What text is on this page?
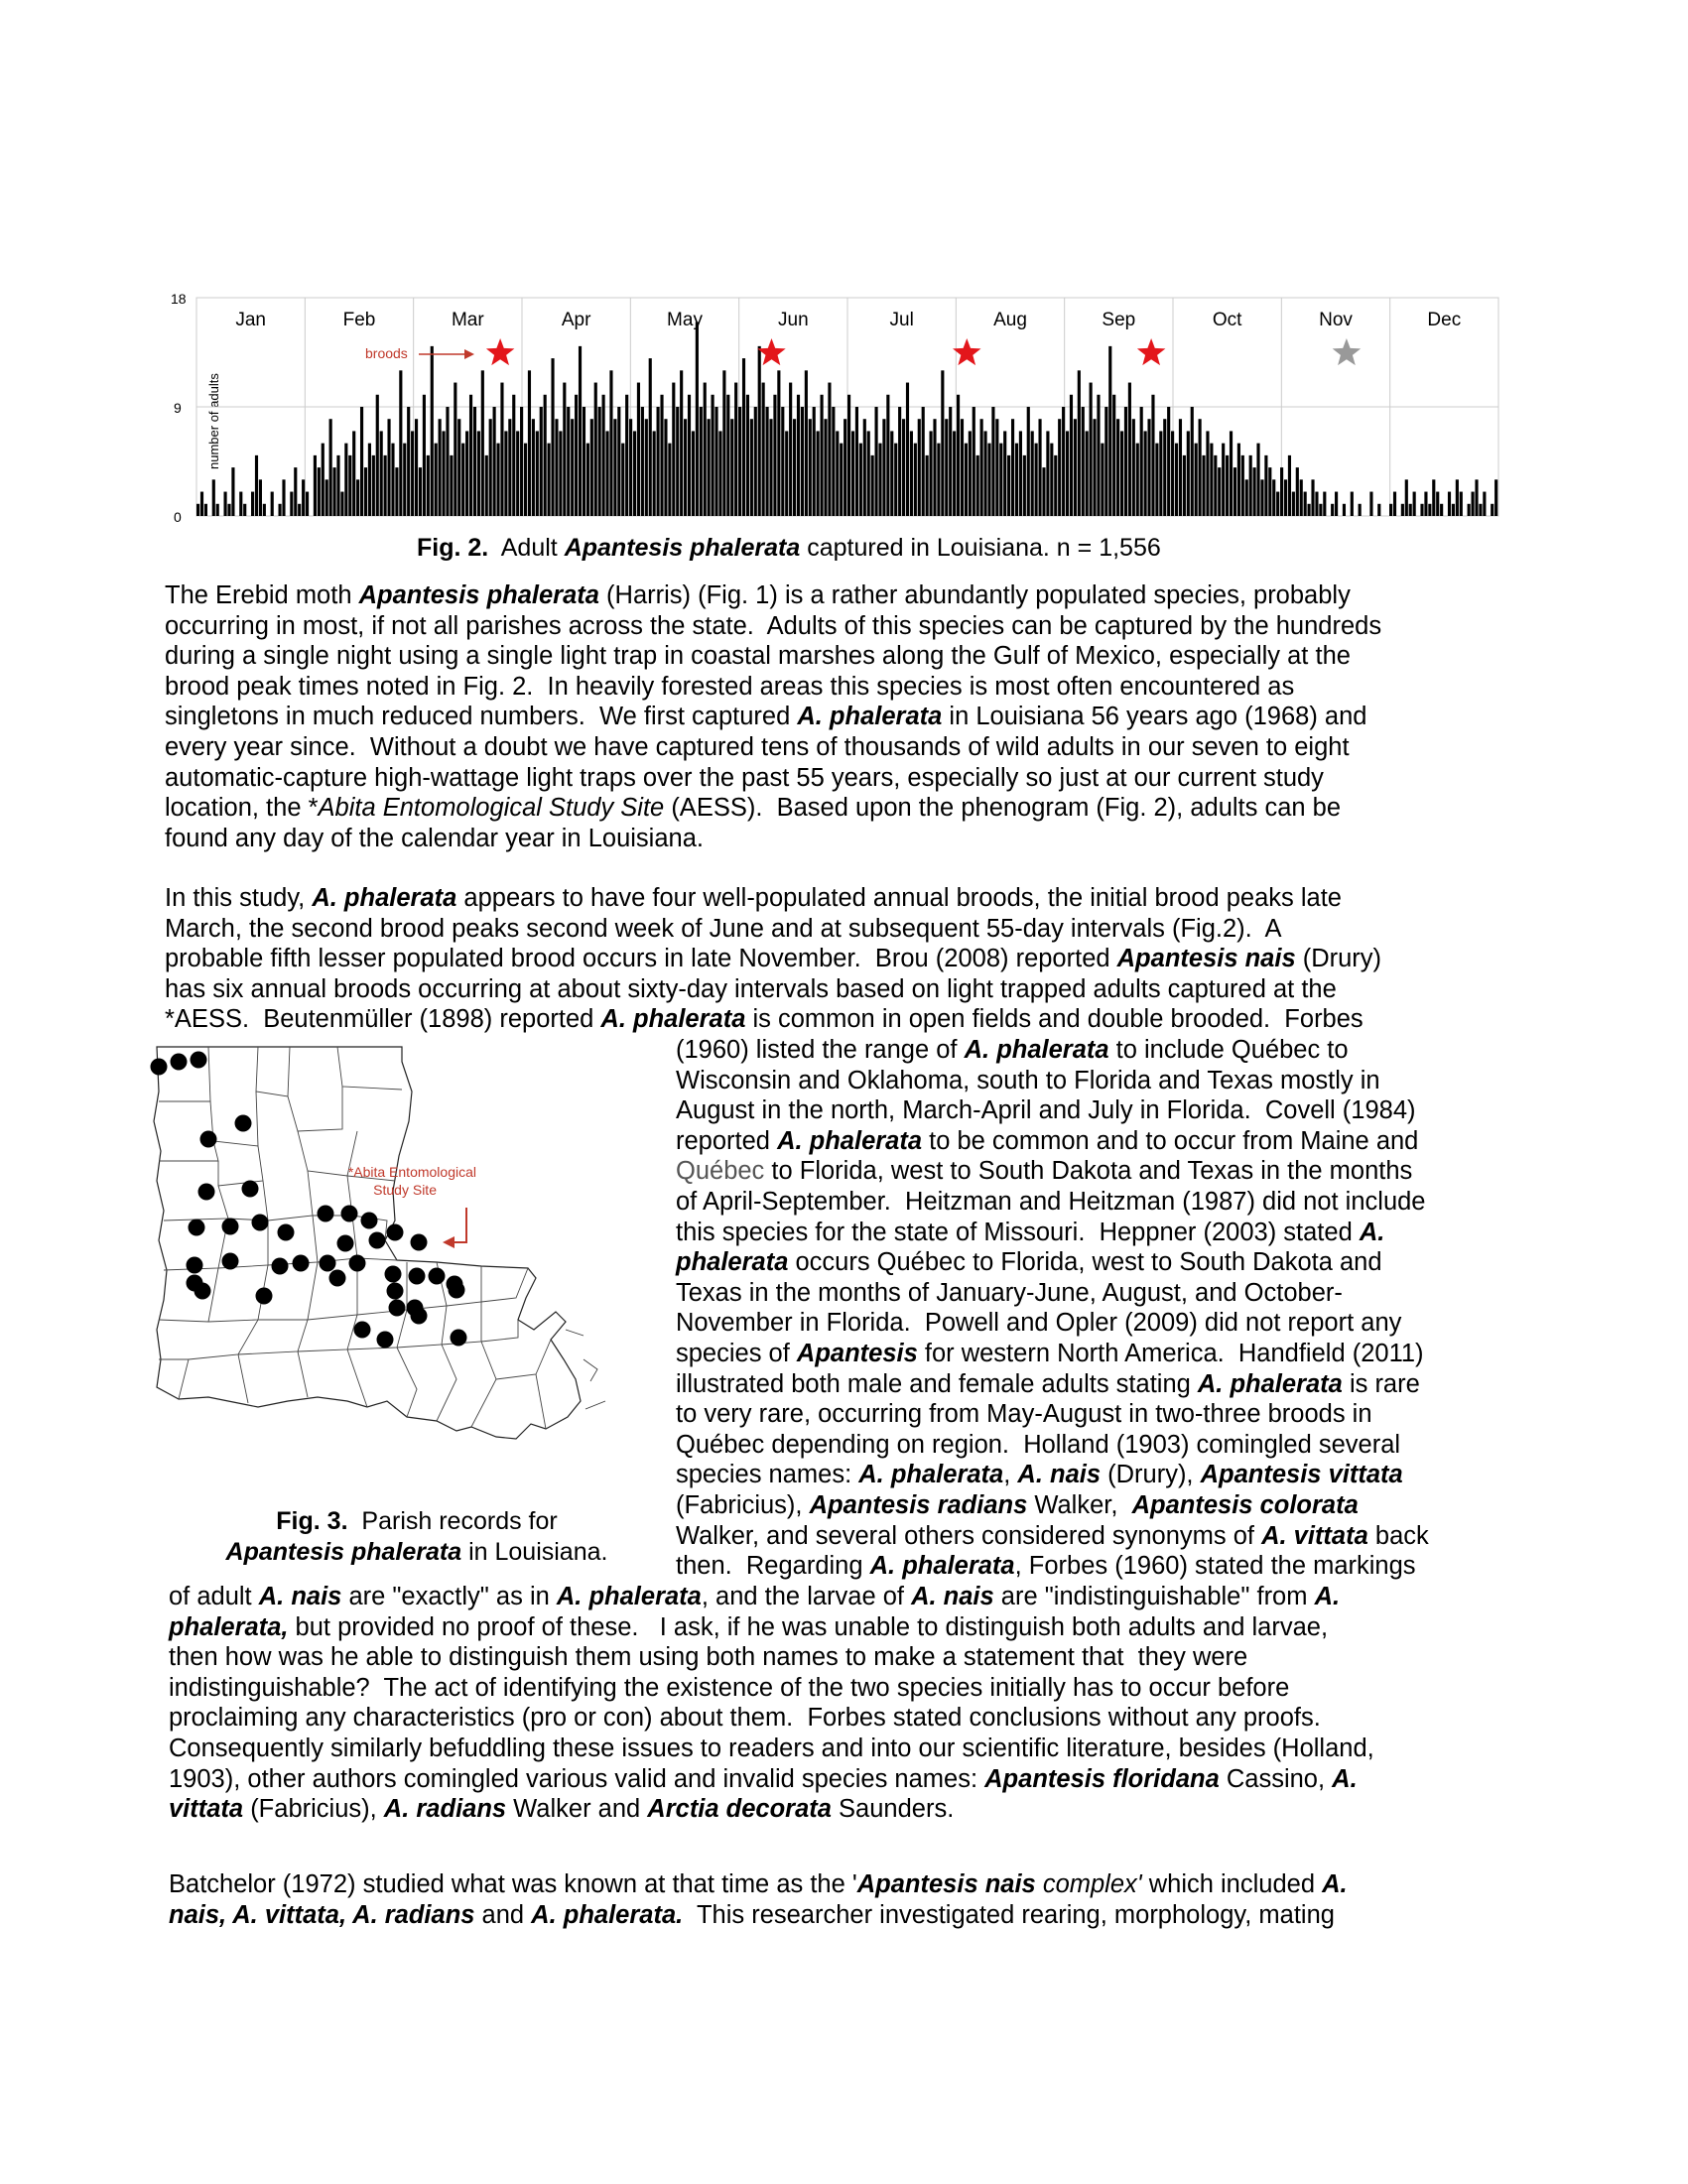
18
9
0
number of adults
Jan	Feb	Mar	Apr	May	Jun	Jul	Aug	Sep	Oct	Nov	Dec
broods
Fig. 2. Adult Apantesis phalerata captured in Louisiana. n = 1,556

The Erebid moth Apantesis phalerata (Harris) (Fig. 1) is a rather abundantly populated species, probably
occurring in most, if not all parishes across the state.  Adults of this species can be captured by the hundreds
during a single night using a single light trap in coastal marshes along the Gulf of Mexico, especially at the
brood peak times noted in Fig. 2.  In heavily forested areas this species is most often encountered as
singletons in much reduced numbers.  We first captured A. phalerata in Louisiana 56 years ago (1968) and
every year since.  Without a doubt we have captured tens of thousands of wild adults in our seven to eight
automatic-capture high-wattage light traps over the past 55 years, especially so just at our current study
location, the *Abita Entomological Study Site (AESS).  Based upon the phenogram (Fig. 2), adults can be
found any day of the calendar year in Louisiana.

In this study, A. phalerata appears to have four well-populated annual broods, the initial brood peaks late
March, the second brood peaks second week of June and at subsequent 55-day intervals (Fig.2).  A
probable fifth lesser populated brood occurs in late November.  Brou (2008) reported Apantesis nais (Drury)
has six annual broods occurring at about sixty-day intervals based on light trapped adults captured at the
*AESS.  Beutenmüller (1898) reported A. phalerata is common in open fields and double brooded.  Forbes

(1960) listed the range of A. phalerata to include Québec to
Wisconsin and Oklahoma, south to Florida and Texas mostly in
August in the north, March-April and July in Florida.  Covell (1984)
reported A. phalerata to be common and to occur from Maine and
Québec to Florida, west to South Dakota and Texas in the months
of April-September.  Heitzman and Heitzman (1987) did not include
this species for the state of Missouri.  Heppner (2003) stated A.
phalerata occurs Québec to Florida, west to South Dakota and
Texas in the months of January-June, August, and October-
November in Florida.  Powell and Opler (2009) did not report any
species of Apantesis for western North America.  Handfield (2011)
illustrated both male and female adults stating A. phalerata is rare
to very rare, occurring from May-August in two-three broods in
Québec depending on region.  Holland (1903) comingled several
species names: A. phalerata, A. nais (Drury), Apantesis vittata
(Fabricius), Apantesis radians Walker,  Apantesis colorata
Walker, and several others considered synonyms of A. vittata back
then.  Regarding A. phalerata, Forbes (1960) stated the markings

of adult A. nais are "exactly" as in A. phalerata, and the larvae of A. nais are "indistinguishable" from A.
phalerata, but provided no proof of these.   I ask, if he was unable to distinguish both adults and larvae,
then how was he able to distinguish them using both names to make a statement that  they were
indistinguishable?  The act of identifying the existence of the two species initially has to occur before
proclaiming any characteristics (pro or con) about them.  Forbes stated conclusions without any proofs.
Consequently similarly befuddling these issues to readers and into our scientific literature, besides (Holland,
1903), other authors comingled various valid and invalid species names: Apantesis floridana Cassino, A.
vittata (Fabricius), A. radians Walker and Arctia decorata Saunders.

Batchelor (1972) studied what was known at that time as the 'Apantesis nais complex' which included A.
nais, A. vittata, A. radians and A. phalerata.  This researcher investigated rearing, morphology, mating

*Abita Entomological
Study Site
Fig. 3. Parish records for
Apantesis phalerata in Louisiana.
